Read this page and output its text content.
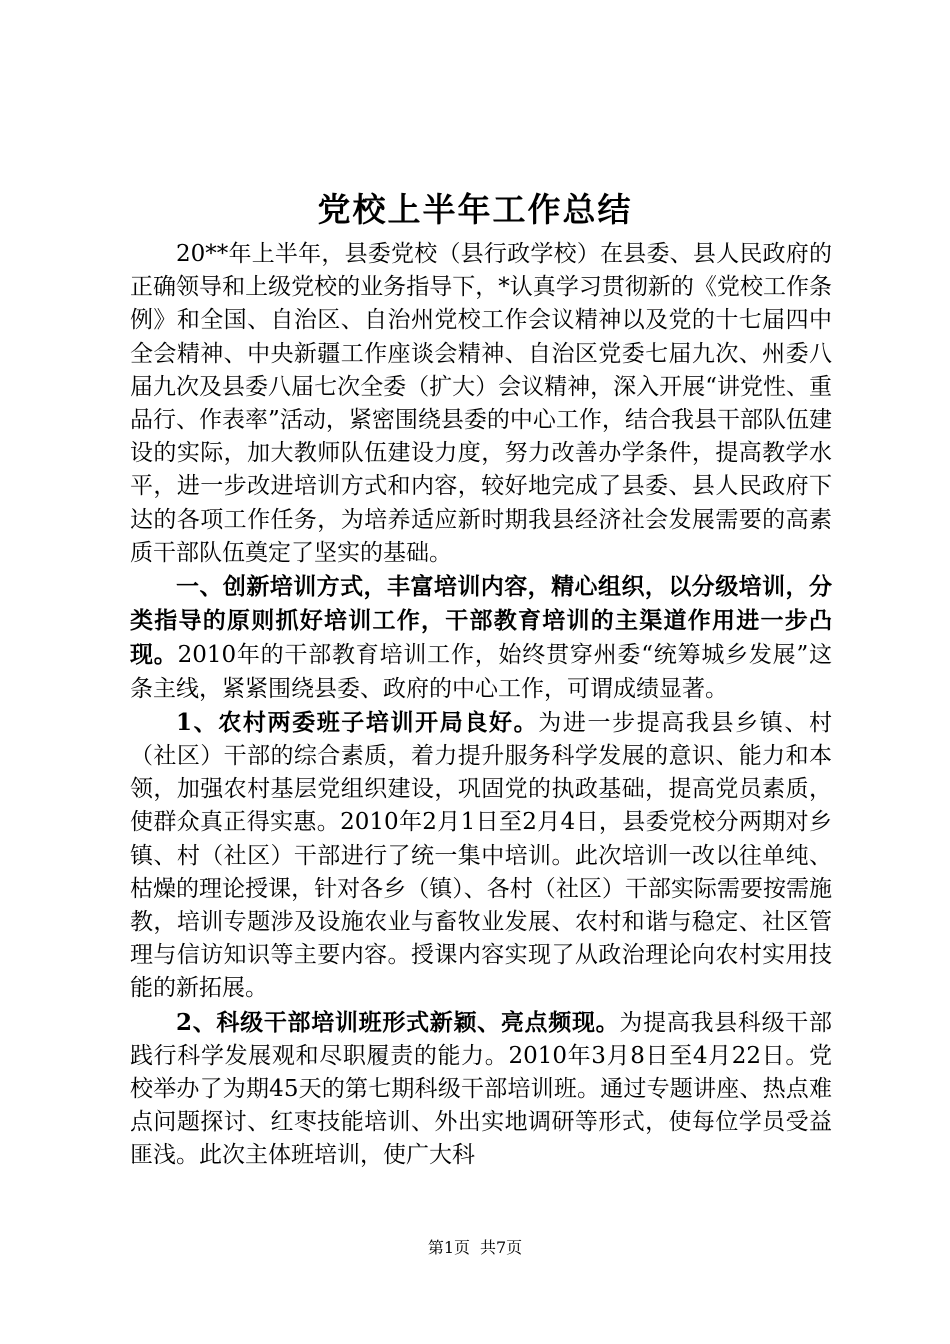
党校上半年工作总结

20**年上半年，县委党校（县行政学校）在县委、县人民政府的正确领导和上级党校的业务指导下，*认真学习贯彻新的《党校工作条例》和全国、自治区、自治州党校工作会议精神以及党的十七届四中全会精神、中央新疆工作座谈会精神、自治区党委七届九次、州委八届九次及县委八届七次全委（扩大）会议精神，深入开展“讲党性、重品行、作表率”活动，紧密围绕县委的中心工作，结合我县干部队伍建设的实际，加大教师队伍建设力度，努力改善办学条件，提高教学水平，进一步改进培训方式和内容，较好地完成了县委、县人民政府下达的各项工作任务，为培养适应新时期我县经济社会发展需要的高素质干部队伍奠定了坚实的基础。

一、创新培训方式，丰富培训内容，精心组织，以分级培训，分类指导的原则抓好培训工作，干部教育培训的主渠道作用进一步凸现。2010年的干部教育培训工作，始终贯穿州委“统筹城乡发展”这条主线，紧紧围绕县委、政府的中心工作，可谓成绩显著。

1、农村两委班子培训开局良好。为进一步提高我县乡镇、村（社区）干部的综合素质，着力提升服务科学发展的意识、能力和本领，加强农村基层党组织建设，巩固党的执政基础，提高党员素质，使群众真正得实惠。2010年2月1日至2月4日，县委党校分两期对乡镇、村（社区）干部进行了统一集中培训。此次培训一改以往单纯、枯燥的理论授课，针对各乡（镇）、各村（社区）干部实际需要按需施教，培训专题涉及设施农业与畜牧业发展、农村和谐与稳定、社区管理与信访知识等主要内容。授课内容实现了从政治理论向农村实用技能的新拓展。

2、科级干部培训班形式新颖、亮点频现。为提高我县科级干部践行科学发展观和尽职履责的能力。2010年3月8日至4月22日。党校举办了为期45天的第七期科级干部培训班。通过专题讲座、热点难点问题探讨、红枣技能培训、外出实地调研等形式，使每位学员受益匪浅。此次主体班培训，使广大科

第1页 共7页
